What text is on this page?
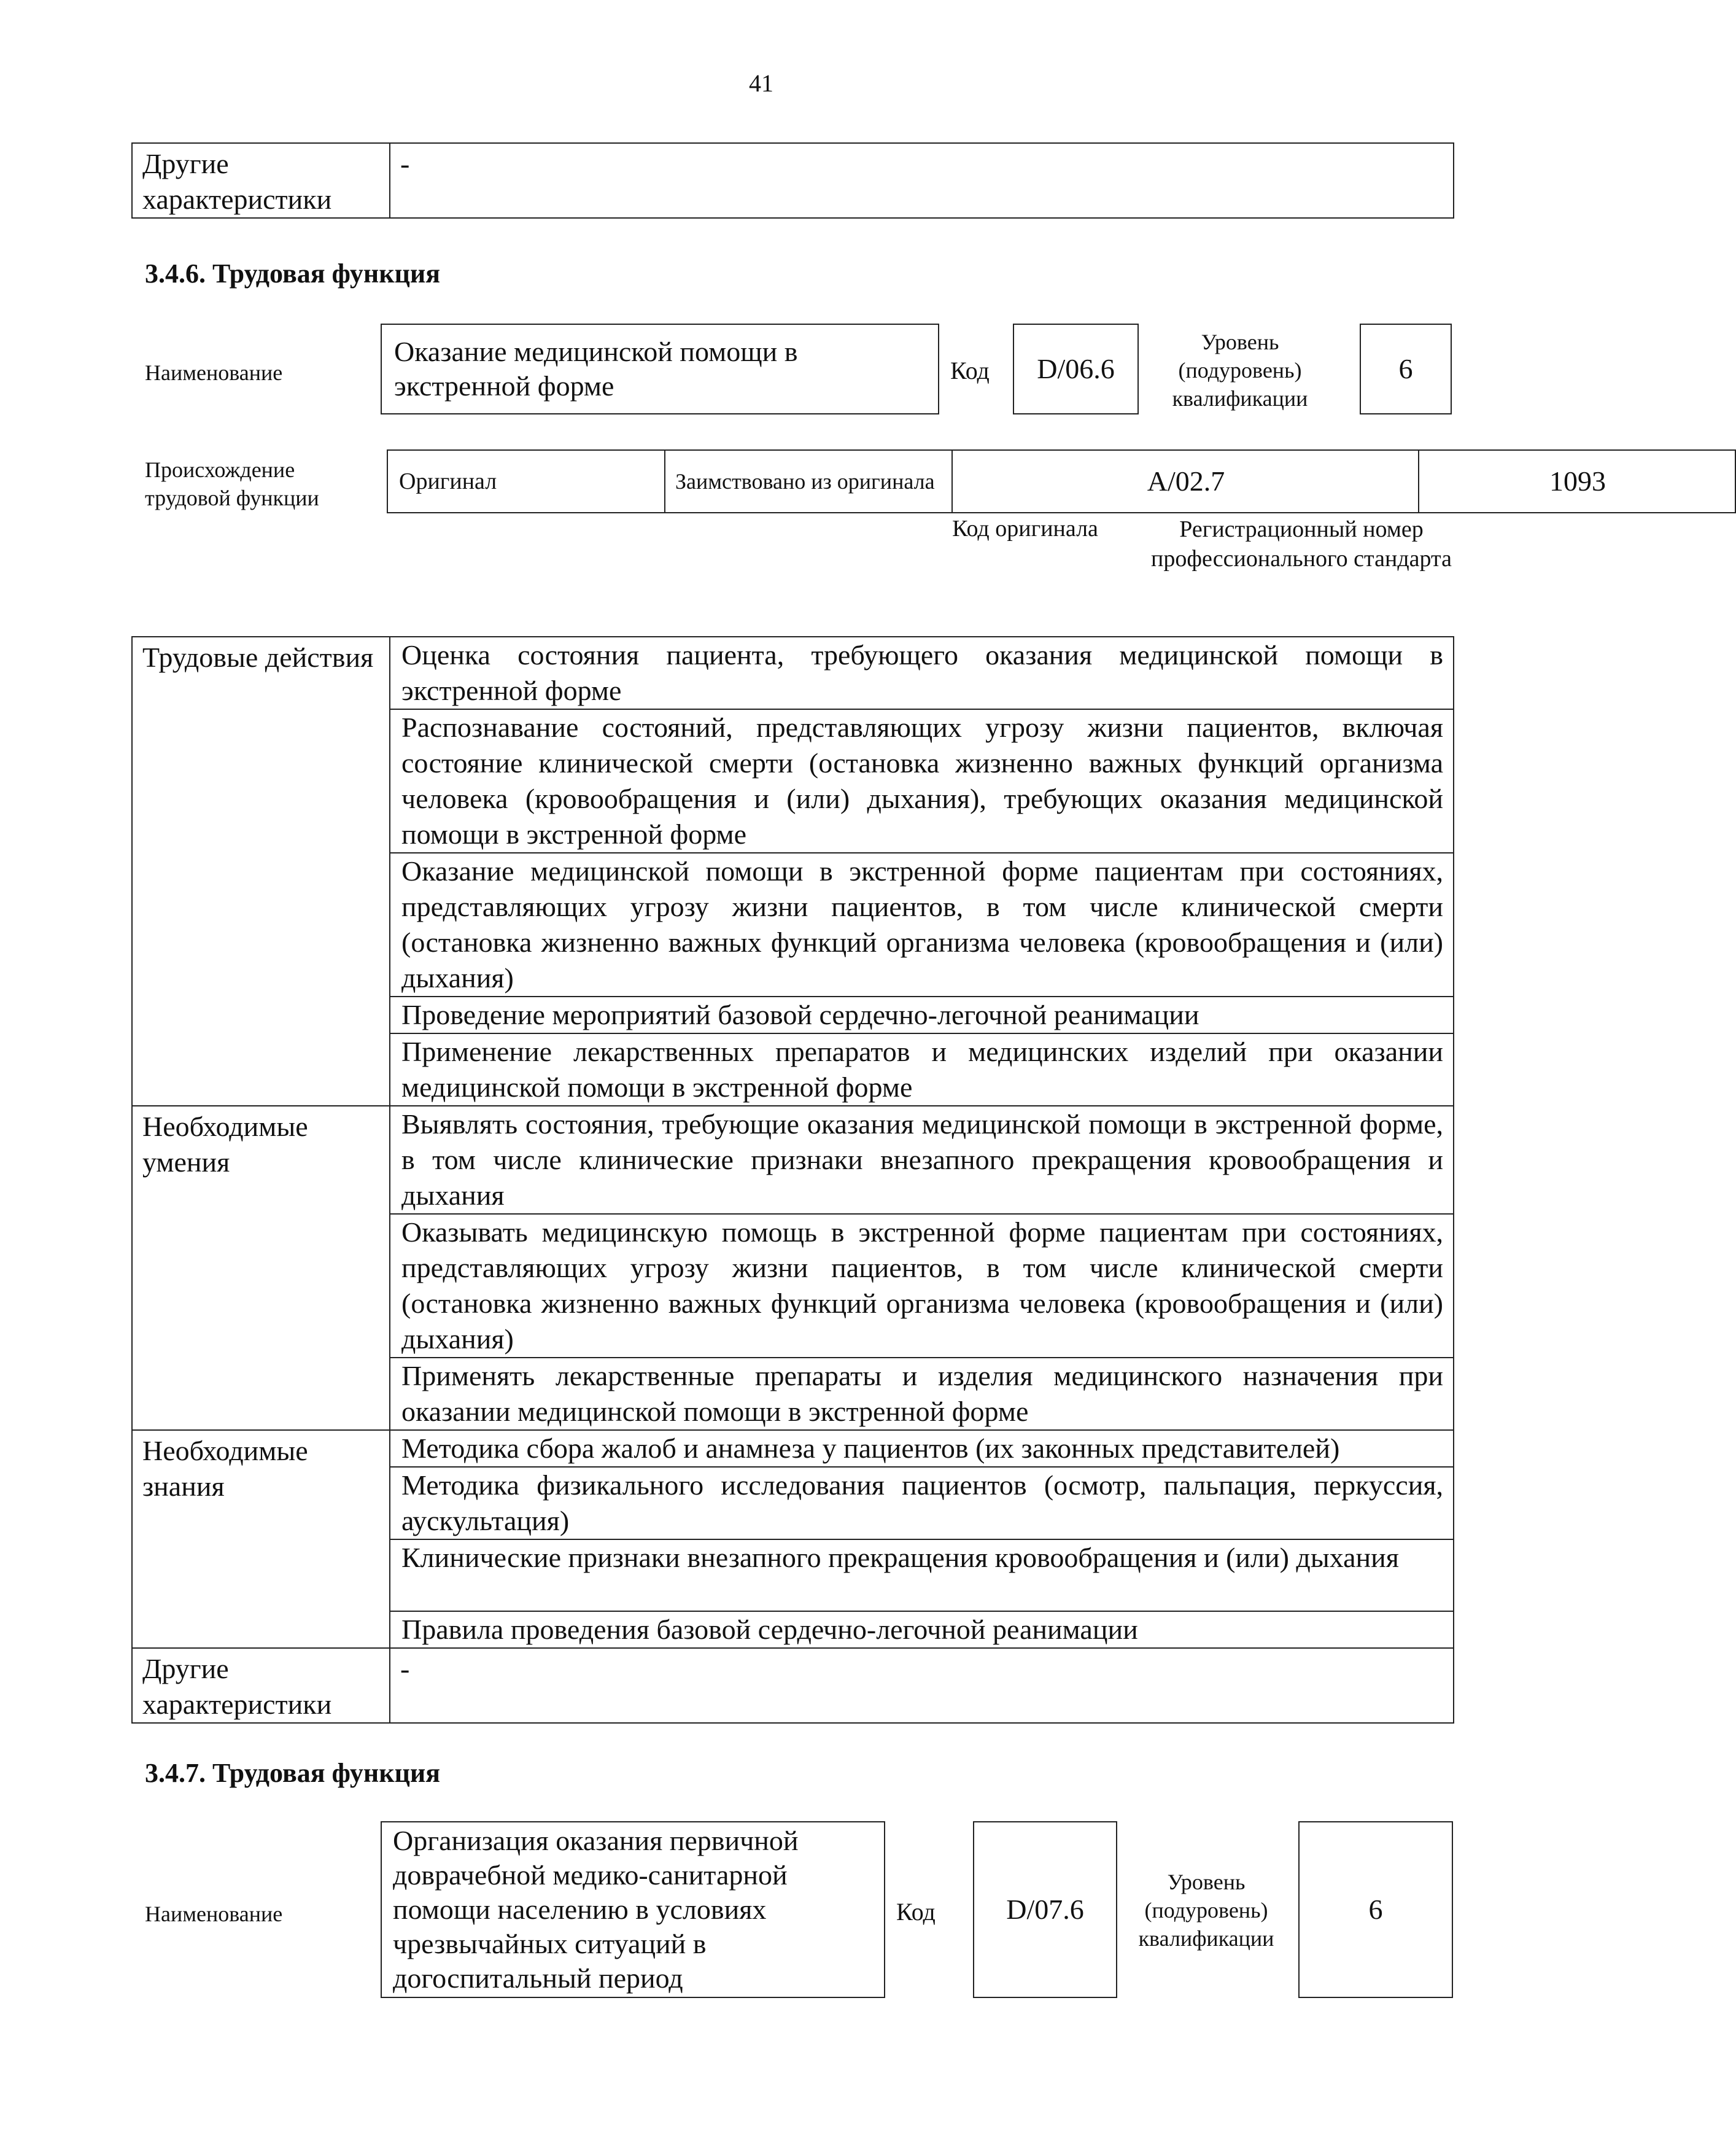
41
Другие характеристики	-
3.4.6. Трудовая функция
Наименование
Оказание медицинской помощи в экстренной форме	Код D/06.6
Уровень (подуровень) квалификации
6
Происхождение трудовой функции
Оригинал	Заимствовано из оригинала	A/02.7	1093
Код оригинала	Регистрационный номер профессионального стандарта
Трудовые действия	Оценка состояния пациента, требующего оказания медицинской помощи в экстренной форме
	Распознавание состояний, представляющих угрозу жизни пациентов, включая состояние клинической смерти (остановка жизненно важных функций организма человека (кровообращения и (или) дыхания), требующих оказания медицинской помощи в экстренной форме
	Оказание медицинской помощи в экстренной форме пациентам при состояниях, представляющих угрозу жизни пациентов, в том числе клинической смерти (остановка жизненно важных функций организма человека (кровообращения и (или) дыхания)
	Проведение мероприятий базовой сердечно-легочной реанимации
	Применение лекарственных препаратов и медицинских изделий при оказании медицинской помощи в экстренной форме
Необходимые умения	Выявлять состояния, требующие оказания медицинской помощи в экстренной форме, в том числе клинические признаки внезапного прекращения кровообращения и дыхания
	Оказывать медицинскую помощь в экстренной форме пациентам при состояниях, представляющих угрозу жизни пациентов, в том числе клинической смерти (остановка жизненно важных функций организма человека (кровообращения и (или) дыхания)
	Применять лекарственные препараты и изделия медицинского назначения при оказании медицинской помощи в экстренной форме
Необходимые знания	Методика сбора жалоб и анамнеза у пациентов (их законных представителей)
	Методика физикального исследования пациентов (осмотр, пальпация, перкуссия, аускультация)
	Клинические признаки внезапного прекращения кровообращения и (или) дыхания
	Правила проведения базовой сердечно-легочной реанимации
Другие характеристики	-
3.4.7. Трудовая функция
Наименование
Организация оказания первичной доврачебной медико-санитарной помощи населению в условиях чрезвычайных ситуаций в догоспитальный период
Код	D/07.6
Уровень (подуровень) квалификации
6
